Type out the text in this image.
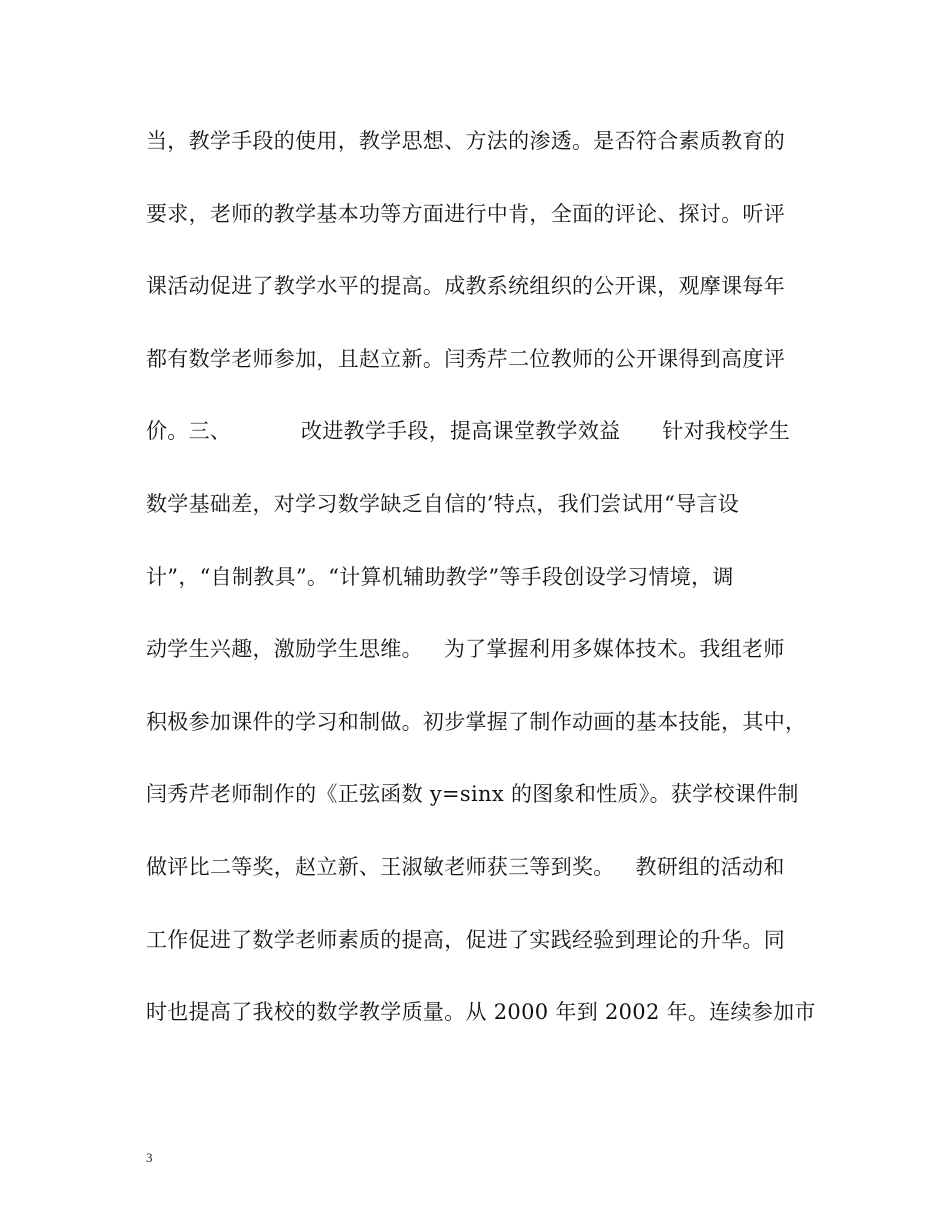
当，教学手段的使用，教学思想、方法的渗透。是否符合素质教育的
要求，老师的教学基本功等方面进行中肯，全面的评论、探讨。听评
课活动促进了教学水平的提高。成教系统组织的公开课，观摩课每年
都有数学老师参加，且赵立新。闫秀芹二位教师的公开课得到高度评
价。三、          改进教学手段，提高课堂教学效益      针对我校学生
数学基础差，对学习数学缺乏自信的’特点，我们尝试用“导言设
计”，“自制教具”。“计算机辅助教学”等手段创设学习情境，调
动学生兴趣，激励学生思维。   为了掌握利用多媒体技术。我组老师
积极参加课件的学习和制做。初步掌握了制作动画的基本技能，其中，
闫秀芹老师制作的《正弦函数 y=sinx 的图象和性质》。获学校课件制
做评比二等奖，赵立新、王淑敏老师获三等到奖。   教研组的活动和
工作促进了数学老师素质的提高，促进了实践经验到理论的升华。同
时也提高了我校的数学教学质量。从 2000 年到 2002 年。连续参加市
3
